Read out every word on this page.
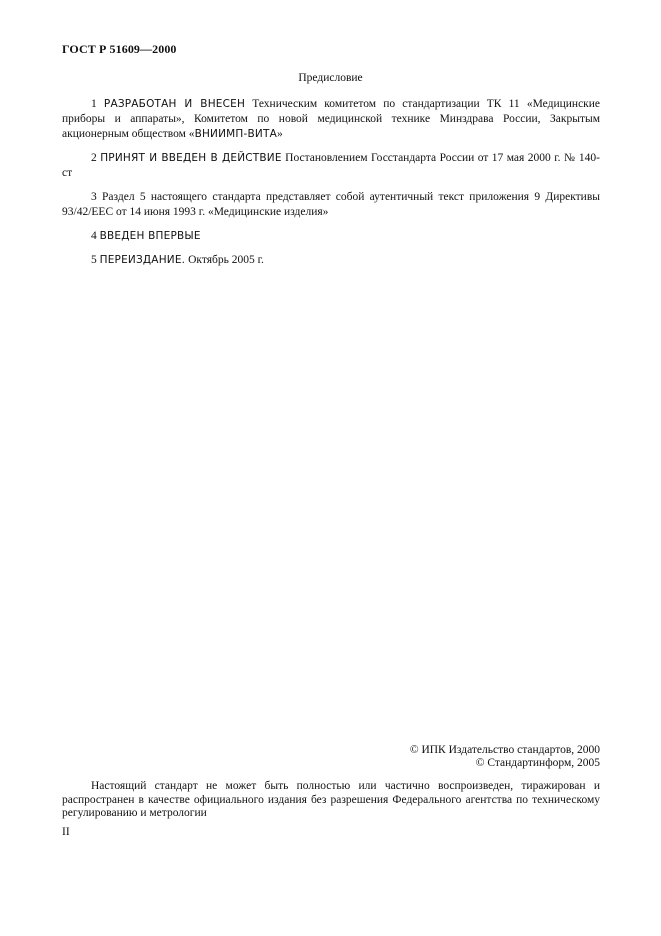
ГОСТ Р 51609—2000
Предисловие

1 РАЗРАБОТАН И ВНЕСЕН Техническим комитетом по стандартизации ТК 11 «Медицинские приборы и аппараты», Комитетом по новой медицинской технике Минздрава России, Закрытым акционерным обществом «ВНИИМП-ВИТА»

2 ПРИНЯТ И ВВЕДЕН В ДЕЙСТВИЕ Постановлением Госстандарта России от 17 мая 2000 г. № 140-ст

3 Раздел 5 настоящего стандарта представляет собой аутентичный текст приложения 9 Директивы 93/42/ЕЕС от 14 июня 1993 г. «Медицинские изделия»

4 ВВЕДЕН ВПЕРВЫЕ

5 ПЕРЕИЗДАНИЕ. Октябрь 2005 г.

© ИПК Издательство стандартов, 2000
© Стандартинформ, 2005
Настоящий стандарт не может быть полностью или частично воспроизведен, тиражирован и распространен в качестве официального издания без разрешения Федерального агентства по техническому регулированию и метрологии
II
